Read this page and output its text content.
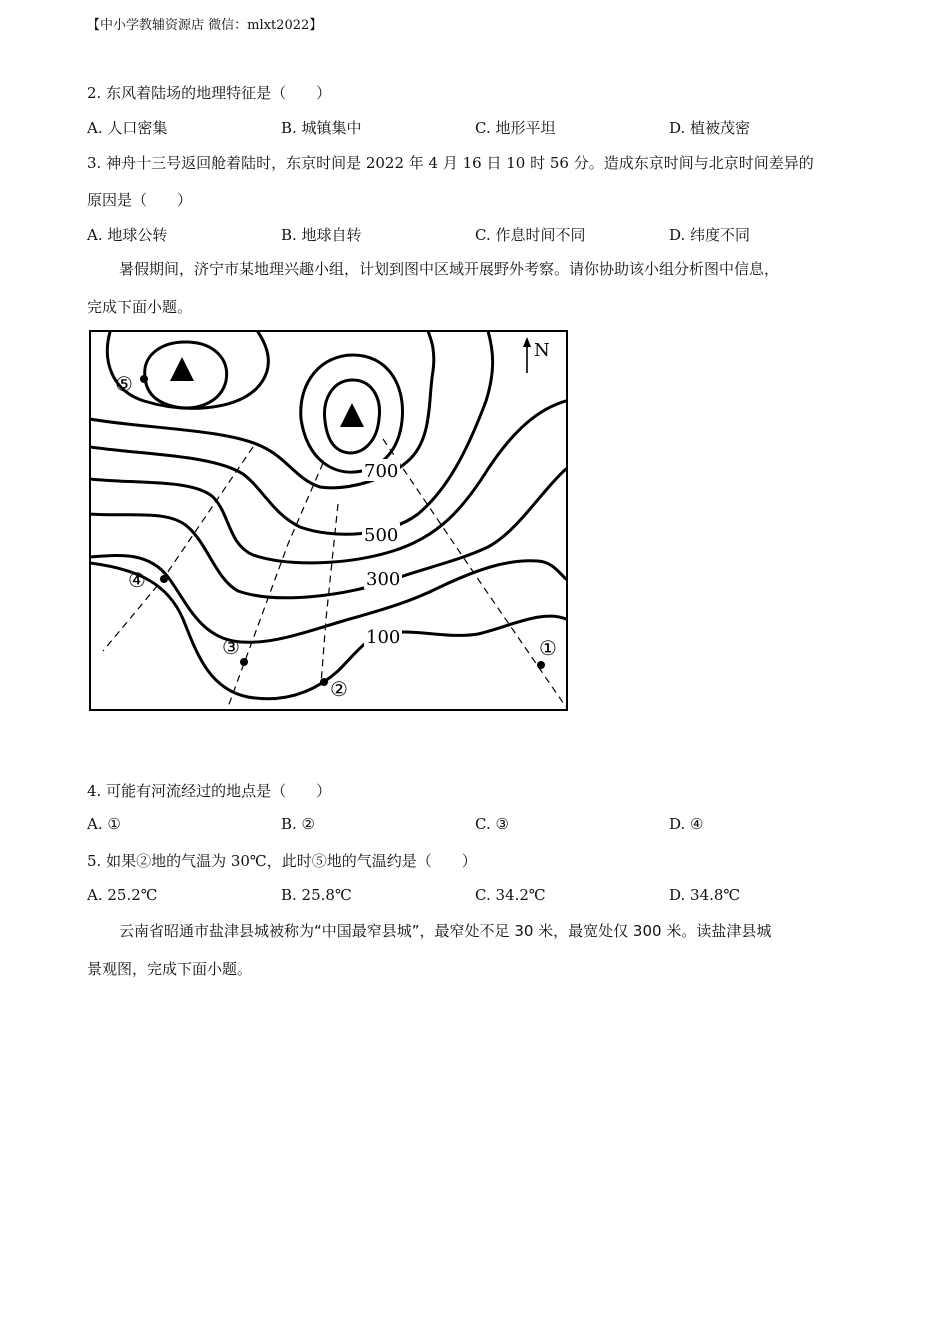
【中小学教辅资源店 微信：mlxt2022】
2. 东风着陆场的地理特征是（　　）
A. 人口密集	B. 城镇集中	C. 地形平坦	D. 植被茂密
3. 神舟十三号返回舱着陆时，东京时间是 2022 年 4 月 16 日 10 时 56 分。造成东京时间与北京时间差异的
原因是（　　）
A. 地球公转	B. 地球自转	C. 作息时间不同	D. 纬度不同
暑假期间，济宁市某地理兴趣小组，计划到图中区域开展野外考察。请你协助该小组分析图中信息，
完成下面小题。
N
700
500
300
100	①
②
③
④
⑤
4. 可能有河流经过的地点是（　　）
A. ①	B. ②	C. ③	D. ④
5. 如果②地的气温为 30℃，此时⑤地的气温约是（　　）
A. 25.2℃	B. 25.8℃	C. 34.2℃	D. 34.8℃
云南省昭通市盐津县城被称为“中国最窄县城”，最窄处不足 30 米，最宽处仅 300 米。读盐津县城
景观图，完成下面小题。
